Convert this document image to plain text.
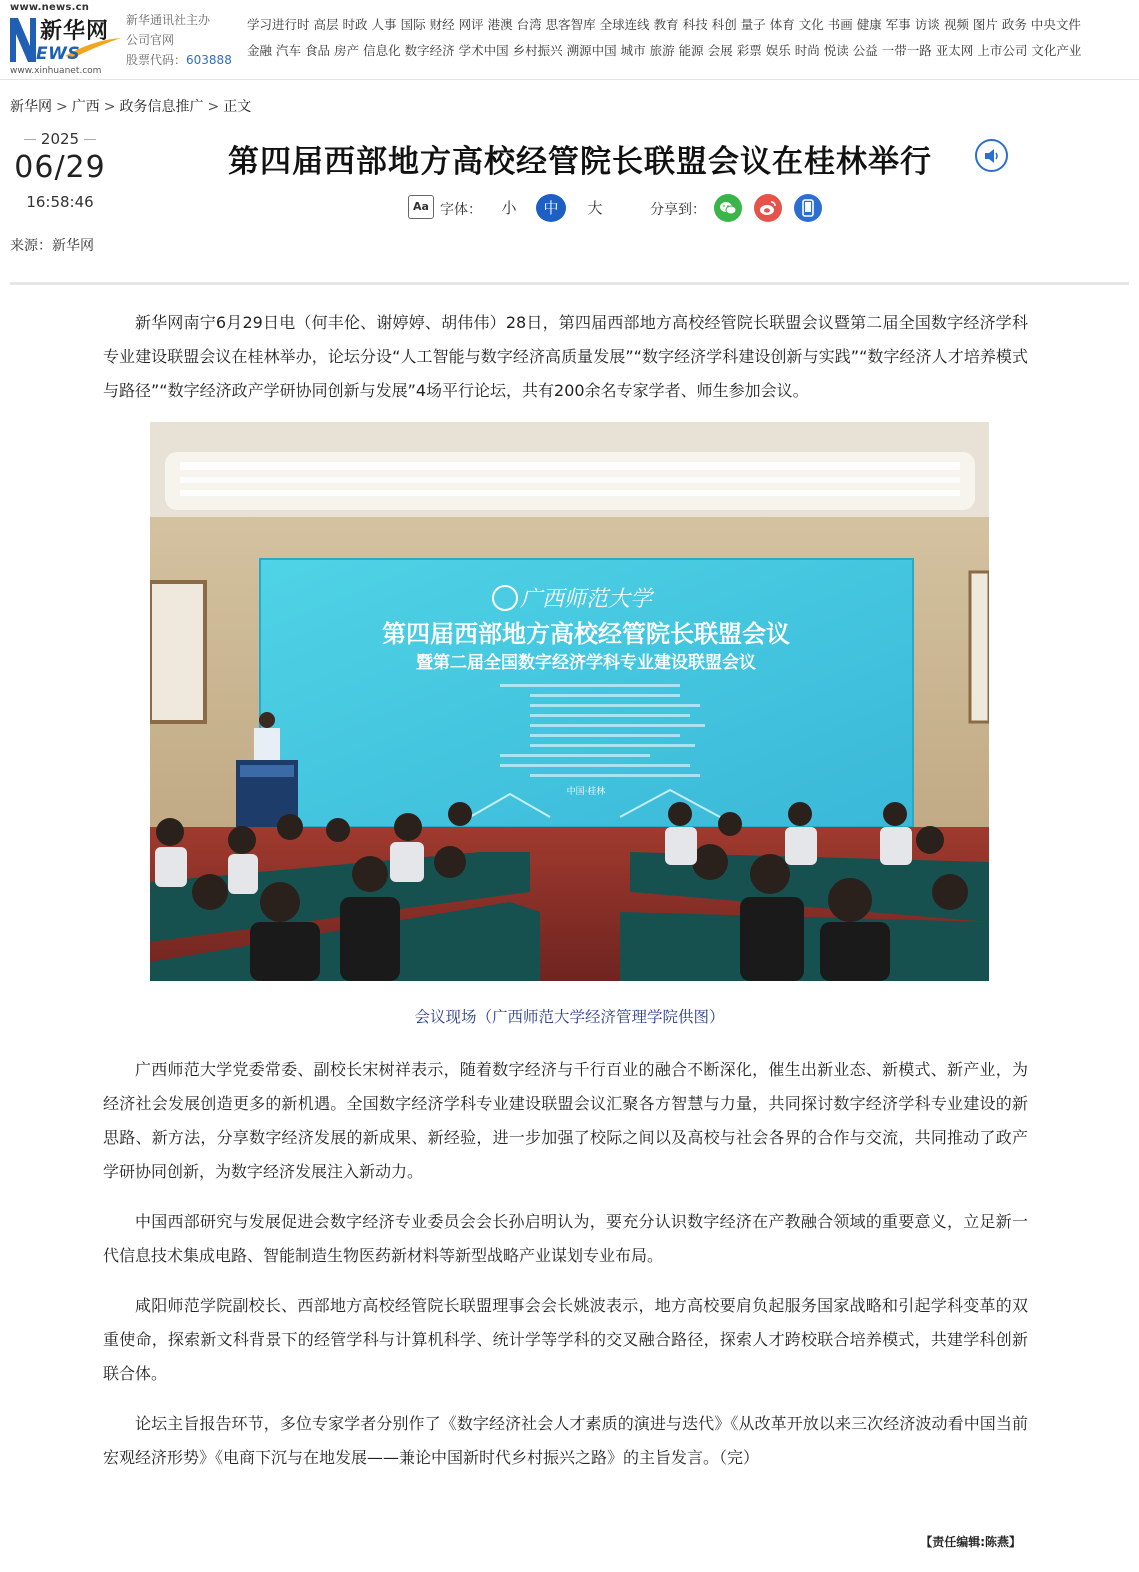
www.news.cn
新华网
EWS
www.xinhuanet.com
新华通讯社主办
公司官网
股票代码：603888
学习进行时 高层 时政 人事 国际 财经 网评 港澳 台湾 思客智库 全球连线 教育 科技 科创 量子 体育 文化 书画 健康 军事 访谈 视频 图片 政务 中央文件
金融 汽车 食品 房产 信息化 数字经济 学术中国 乡村振兴 溯源中国 城市 旅游 能源 会展 彩票 娱乐 时尚 悦读 公益 一带一路 亚太网 上市公司 文化产业
新华网 > 广西 > 政务信息推广 > 正文
2025
06/29
16:58:46
来源：新华网
第四届西部地方高校经管院长联盟会议在桂林举行
Aa 字体：	小	中	大	分享到：

新华网南宁6月29日电（何丰伦、谢婷婷、胡伟伟）28日，第四届西部地方高校经管院长联盟会议暨第二届全国数字经济学科专业建设联盟会议在桂林举办，论坛分设“人工智能与数字经济高质量发展”“数字经济学科建设创新与实践”“数字经济人才培养模式与路径”“数字经济政产学研协同创新与发展”4场平行论坛，共有200余名专家学者、师生参加会议。

广西师范大学
第四届西部地方高校经管院长联盟会议
暨第二届全国数字经济学科专业建设联盟会议
中国·桂林
会议现场（广西师范大学经济管理学院供图）

广西师范大学党委常委、副校长宋树祥表示，随着数字经济与千行百业的融合不断深化，催生出新业态、新模式、新产业，为经济社会发展创造更多的新机遇。全国数字经济学科专业建设联盟会议汇聚各方智慧与力量，共同探讨数字经济学科专业建设的新思路、新方法，分享数字经济发展的新成果、新经验，进一步加强了校际之间以及高校与社会各界的合作与交流，共同推动了政产学研协同创新，为数字经济发展注入新动力。

中国西部研究与发展促进会数字经济专业委员会会长孙启明认为，要充分认识数字经济在产教融合领域的重要意义，立足新一代信息技术集成电路、智能制造生物医药新材料等新型战略产业谋划专业布局。

咸阳师范学院副校长、西部地方高校经管院长联盟理事会会长姚波表示，地方高校要肩负起服务国家战略和引起学科变革的双重使命，探索新文科背景下的经管学科与计算机科学、统计学等学科的交叉融合路径，探索人才跨校联合培养模式，共建学科创新联合体。

论坛主旨报告环节，多位专家学者分别作了《数字经济社会人才素质的演进与迭代》《从改革开放以来三次经济波动看中国当前宏观经济形势》《电商下沉与在地发展——兼论中国新时代乡村振兴之路》的主旨发言。（完）

【责任编辑:陈燕】
